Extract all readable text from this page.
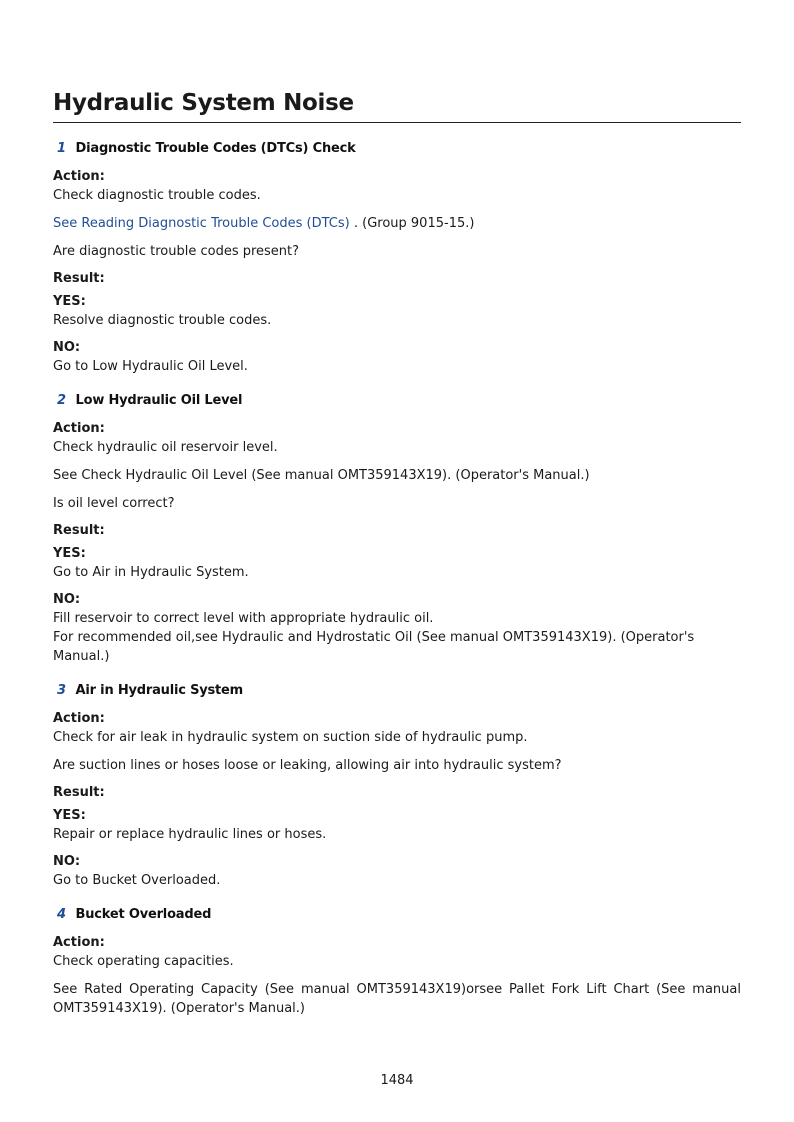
Hydraulic System Noise
1 Diagnostic Trouble Codes (DTCs) Check

Action:

Check diagnostic trouble codes.

See Reading Diagnostic Trouble Codes (DTCs) . (Group 9015-15.)

Are diagnostic trouble codes present?

Result:

YES:

Resolve diagnostic trouble codes.

NO:

Go to Low Hydraulic Oil Level.

2 Low Hydraulic Oil Level

Action:

Check hydraulic oil reservoir level.

See Check Hydraulic Oil Level (See manual OMT359143X19). (Operator's Manual.)

Is oil level correct?

Result:

YES:

Go to Air in Hydraulic System.

NO:

Fill reservoir to correct level with appropriate hydraulic oil.

For recommended oil,see Hydraulic and Hydrostatic Oil (See manual OMT359143X19). (Operator's Manual.)

3 Air in Hydraulic System

Action:

Check for air leak in hydraulic system on suction side of hydraulic pump.

Are suction lines or hoses loose or leaking, allowing air into hydraulic system?

Result:

YES:

Repair or replace hydraulic lines or hoses.

NO:

Go to Bucket Overloaded.

4 Bucket Overloaded

Action:

Check operating capacities.

See Rated Operating Capacity (See manual OMT359143X19)orsee Pallet Fork Lift Chart (See manual OMT359143X19). (Operator's Manual.)

1484
